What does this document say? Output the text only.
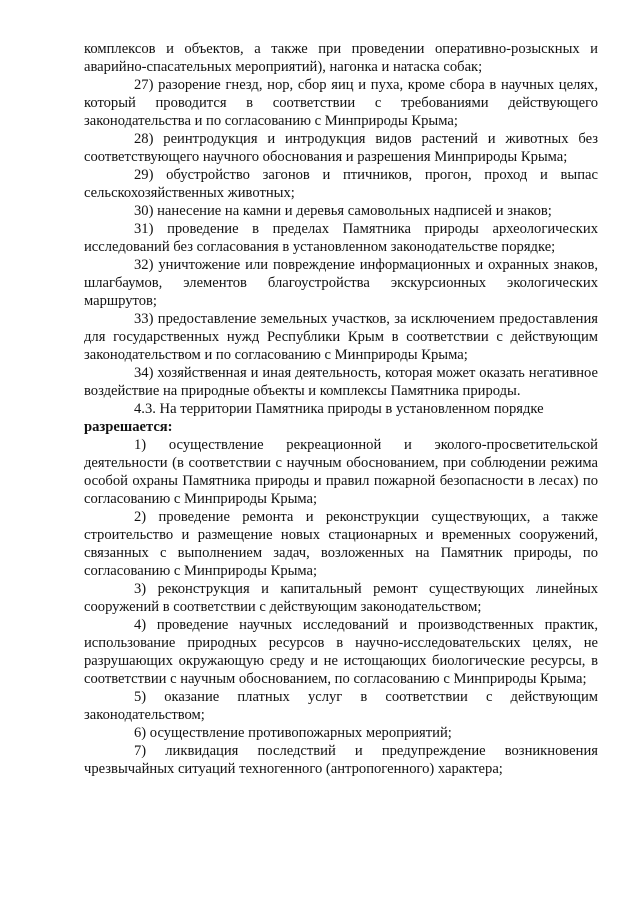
комплексов и объектов, а также при проведении оперативно-розыскных и аварийно-спасательных мероприятий), нагонка и натаска собак;

27) разорение гнезд, нор, сбор яиц и пуха, кроме сбора в научных целях, который проводится в соответствии с требованиями действующего законодательства и по согласованию с Минприроды Крыма;

28) реинтродукция и интродукция видов растений и животных без соответствующего научного обоснования и разрешения Минприроды Крыма;

29) обустройство загонов и птичников, прогон, проход и выпас сельскохозяйственных животных;

30) нанесение на камни и деревья самовольных надписей и знаков;

31) проведение в пределах Памятника природы археологических исследований без согласования в установленном законодательстве порядке;

32) уничтожение или повреждение информационных и охранных знаков, шлагбаумов, элементов благоустройства экскурсионных экологических маршрутов;

33) предоставление земельных участков, за исключением предоставления для государственных нужд Республики Крым в соответствии с действующим законодательством и по согласованию с Минприроды Крыма;

34) хозяйственная и иная деятельность, которая может оказать негативное воздействие на природные объекты и комплексы Памятника природы.

4.3. На территории Памятника природы в установленном порядке
разрешается:

1) осуществление рекреационной и эколого-просветительской деятельности (в соответствии с научным обоснованием, при соблюдении режима особой охраны Памятника природы и правил пожарной безопасности в лесах) по согласованию с Минприроды Крыма;

2) проведение ремонта и реконструкции существующих, а также строительство и размещение новых стационарных и временных сооружений, связанных с выполнением задач, возложенных на Памятник природы, по согласованию с Минприроды Крыма;

3) реконструкция и капитальный ремонт существующих линейных сооружений в соответствии с действующим законодательством;

4) проведение научных исследований и производственных практик, использование природных ресурсов в научно-исследовательских целях, не разрушающих окружающую среду и не истощающих биологические ресурсы, в соответствии с научным обоснованием, по согласованию с Минприроды Крыма;

5) оказание платных услуг в соответствии с действующим законодательством;

6) осуществление противопожарных мероприятий;

7) ликвидация последствий и предупреждение возникновения чрезвычайных ситуаций техногенного (антропогенного) характера;
